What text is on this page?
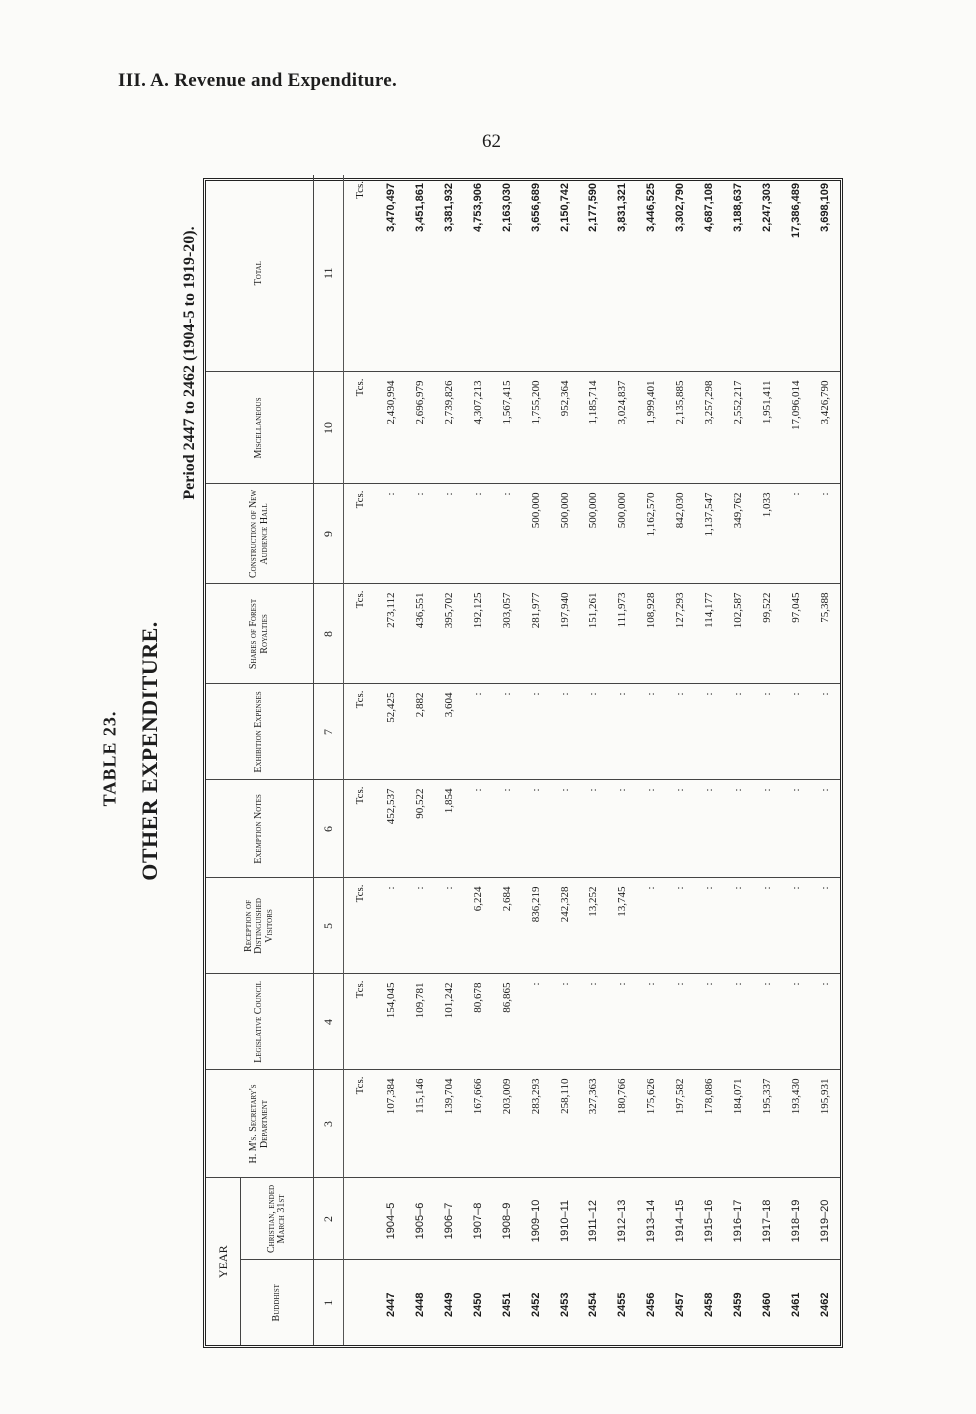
III. A. Revenue and Expenditure.
62
TABLE 23. OTHER EXPENDITURE.
Period 2447 to 2462 (1904-5 to 1919-20).
YEAR		H. M's. Secretary's Department	Legislative Council	Reception of Distinguished Visitors	Exemption Notes	Exhibition Expenses	Shares of Forest Royalties	Construction of New Audience Hall	Miscellaneous	Total
Buddhist	Christian, ended March 31st									
1	2	3	4	5	6	7	8	9	10	11
		Tcs.	Tcs.	Tcs.	Tcs.	Tcs.	Tcs.	Tcs.	Tcs.	Tcs.
2447	1904–5	107,384	154,045	:	452,537	52,425	273,112	:	2,430,994	3,470,497
2448	1905–6	115,146	109,781	:	90,522	2,882	436,551	:	2,696,979	3,451,861
2449	1906–7	139,704	101,242	:	1,854	3,604	395,702	:	2,739,826	3,381,932
2450	1907–8	167,666	80,678	6,224	:	:	192,125	:	4,307,213	4,753,906
2451	1908–9	203,009	86,865	2,684	:	:	303,057	:	1,567,415	2,163,030
2452	1909–10	283,293	:	836,219	:	:	281,977	500,000	1,755,200	3,656,689
2453	1910–11	258,110	:	242,328	:	:	197,940	500,000	952,364	2,150,742
2454	1911–12	327,363	:	13,252	:	:	151,261	500,000	1,185,714	2,177,590
2455	1912–13	180,766	:	13,745	:	:	111,973	500,000	3,024,837	3,831,321
2456	1913–14	175,626	:	:	:	:	108,928	1,162,570	1,999,401	3,446,525
2457	1914–15	197,582	:	:	:	:	127,293	842,030	2,135,885	3,302,790
2458	1915–16	178,086	:	:	:	:	114,177	1,137,547	3,257,298	4,687,108
2459	1916–17	184,071	:	:	:	:	102,587	349,762	2,552,217	3,188,637
2460	1917–18	195,337	:	:	:	:	99,522	1,033	1,951,411	2,247,303
2461	1918–19	193,430	:	:	:	:	97,045	:	17,096,014	17,386,489
2462	1919–20	195,931	:	:	:	:	75,388	:	3,426,790	3,698,109
